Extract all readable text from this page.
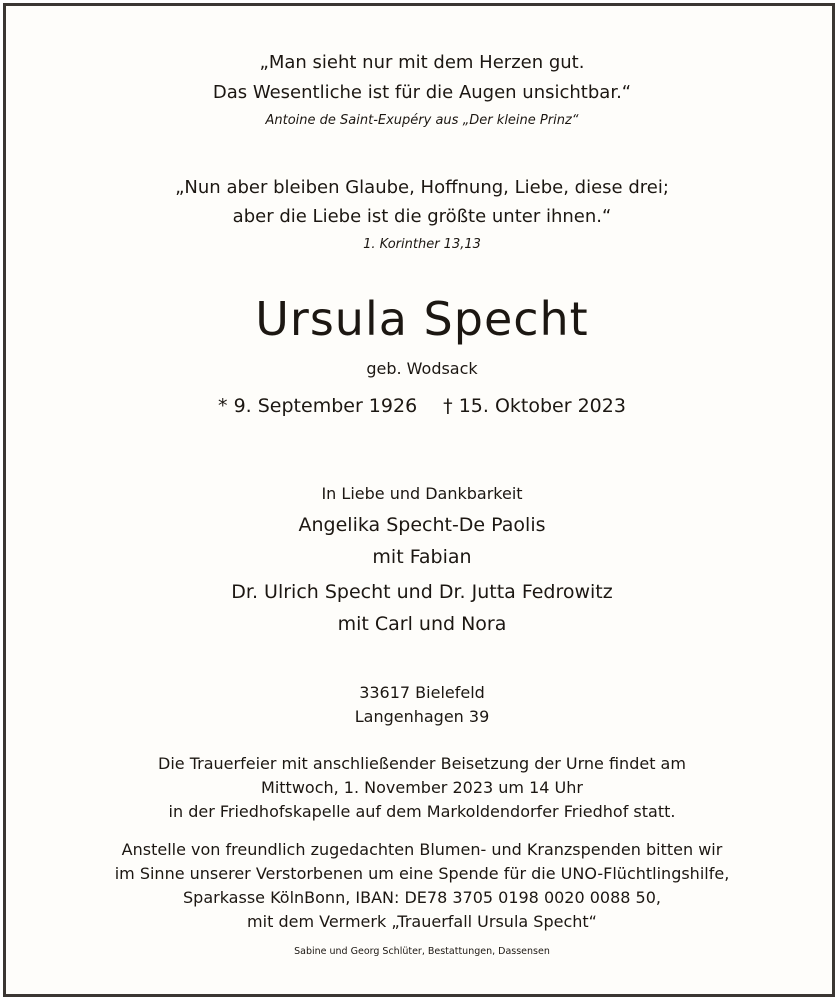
„Man sieht nur mit dem Herzen gut.
Das Wesentliche ist für die Augen unsichtbar.“
Antoine de Saint-Exupéry aus „Der kleine Prinz“
„Nun aber bleiben Glaube, Hoffnung, Liebe, diese drei;
aber die Liebe ist die größte unter ihnen.“
1. Korinther 13,13
Ursula Specht
geb. Wodsack
* 9. September 1926 † 15. Oktober 2023
In Liebe und Dankbarkeit
Angelika Specht-De Paolis
mit Fabian
Dr. Ulrich Specht und Dr. Jutta Fedrowitz
mit Carl und Nora
33617 Bielefeld
Langenhagen 39
Die Trauerfeier mit anschließender Beisetzung der Urne findet am
Mittwoch, 1. November 2023 um 14 Uhr
in der Friedhofskapelle auf dem Markoldendorfer Friedhof statt.
Anstelle von freundlich zugedachten Blumen- und Kranzspenden bitten wir
im Sinne unserer Verstorbenen um eine Spende für die UNO-Flüchtlingshilfe,
Sparkasse KölnBonn, IBAN: DE78 3705 0198 0020 0088 50,
mit dem Vermerk „Trauerfall Ursula Specht“
Sabine und Georg Schlüter, Bestattungen, Dassensen
